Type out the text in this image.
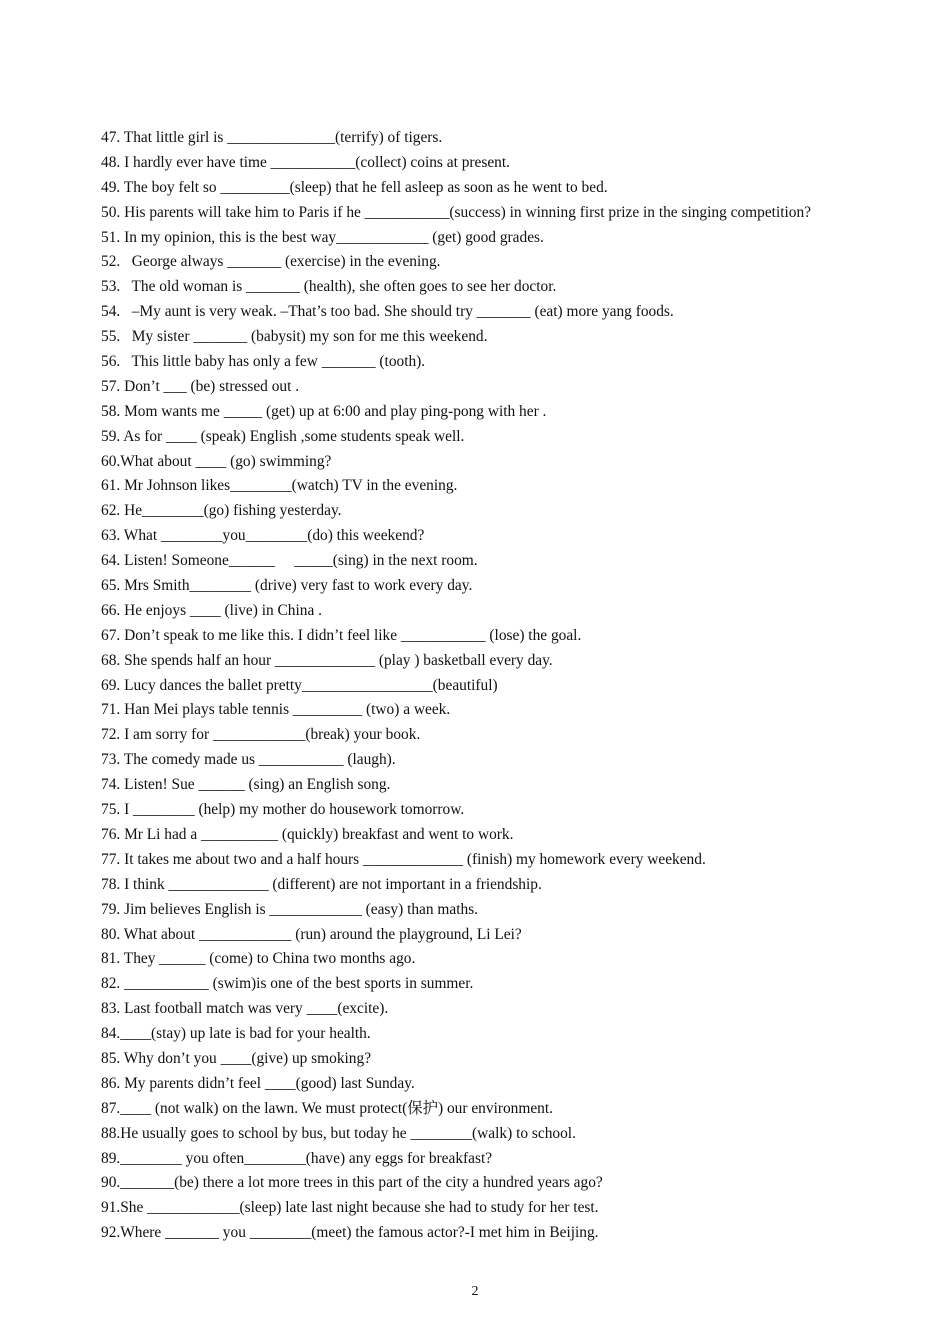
47. That little girl is ______________(terrify) of tigers.
48. I hardly ever have time ___________(collect) coins at present.
49. The boy felt so _________(sleep) that he fell asleep as soon as he went to bed.
50. His parents will take him to Paris if he ___________(success) in winning first prize in the singing competition?
51. In my opinion, this is the best way____________ (get) good grades.
52.   George always _______ (exercise) in the evening.
53.   The old woman is _______ (health), she often goes to see her doctor.
54.   –My aunt is very weak. –That’s too bad. She should try _______ (eat) more yang foods.
55.   My sister _______ (babysit) my son for me this weekend.
56.   This little baby has only a few _______ (tooth).
57. Don’t ___ (be) stressed out .
58. Mom wants me _____ (get) up at 6:00 and play ping-pong with her .
59. As for ____ (speak) English ,some students speak well.
60.What about ____ (go) swimming?
61. Mr Johnson likes________(watch) TV in the evening.
62. He________(go) fishing yesterday.
63. What ________you________(do) this weekend?
64. Listen! Someone______     _____(sing) in the next room.
65. Mrs Smith________ (drive) very fast to work every day.
66. He enjoys ____ (live) in China .
67. Don’t speak to me like this. I didn’t feel like ___________ (lose) the goal.
68. She spends half an hour _____________ (play ) basketball every day.
69. Lucy dances the ballet pretty_________________(beautiful)
71. Han Mei plays table tennis _________ (two) a week.
72. I am sorry for ____________(break) your book.
73. The comedy made us ___________ (laugh).
74. Listen! Sue ______ (sing) an English song.
75. I ________ (help) my mother do housework tomorrow.
76. Mr Li had a __________ (quickly) breakfast and went to work.
77. It takes me about two and a half hours _____________ (finish) my homework every weekend.
78. I think _____________ (different) are not important in a friendship.
79. Jim believes English is ____________ (easy) than maths.
80. What about ____________ (run) around the playground, Li Lei?
81. They ______ (come) to China two months ago.
82. ___________ (swim)is one of the best sports in summer.
83. Last football match was very ____(excite).
84.____(stay) up late is bad for your health.
85. Why don’t you ____(give) up smoking?
86. My parents didn’t feel ____(good) last Sunday.
87.____ (not walk) on the lawn. We must protect(保护) our environment.
88.He usually goes to school by bus, but today he ________(walk) to school.
89.________ you often________(have) any eggs for breakfast?
90._______(be) there a lot more trees in this part of the city a hundred years ago?
91.She ____________(sleep) late last night because she had to study for her test.
92.Where _______ you ________(meet) the famous actor?-I met him in Beijing.
2
